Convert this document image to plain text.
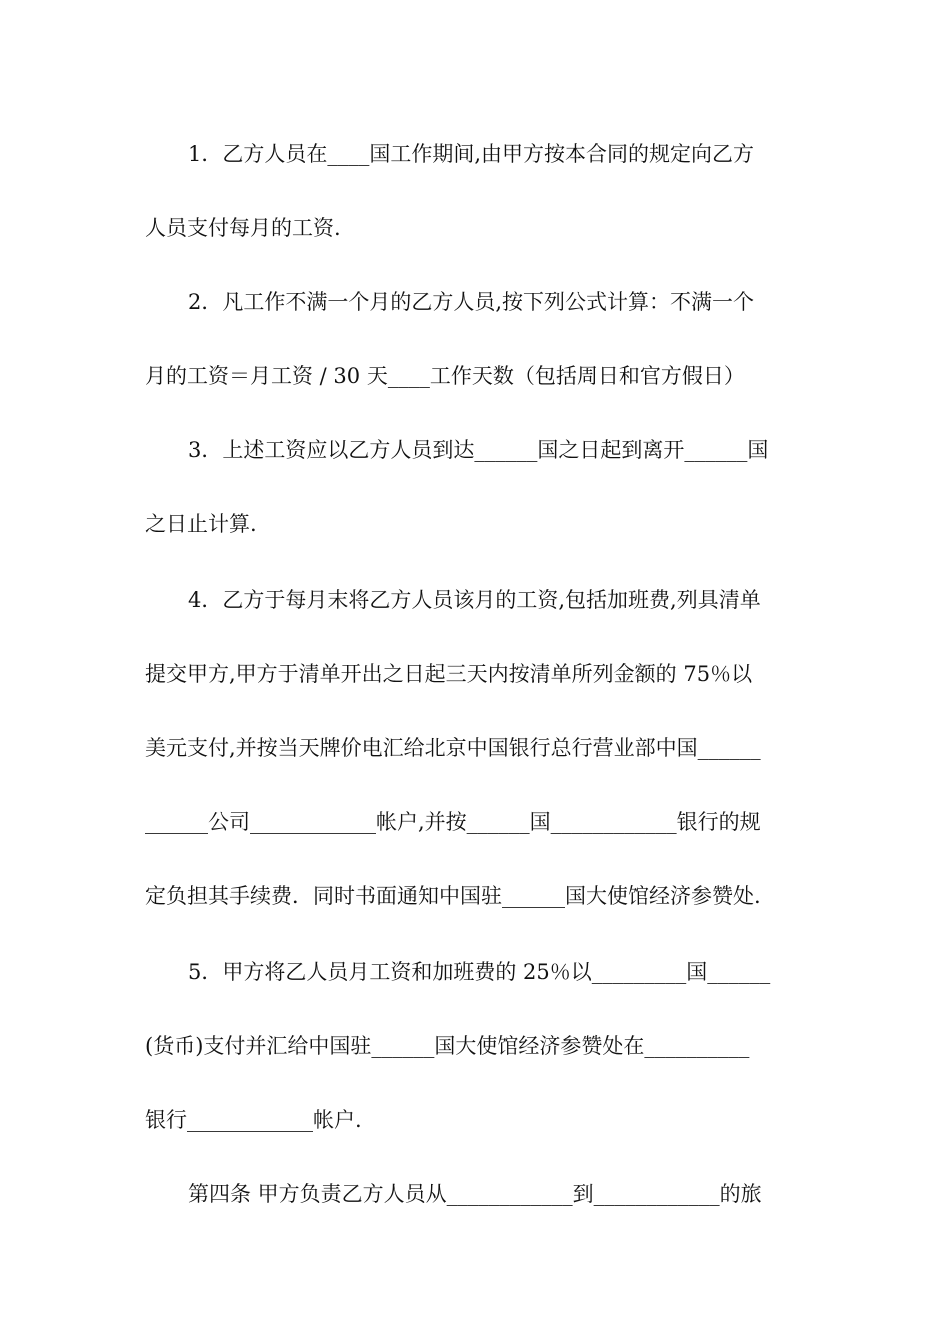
1．乙方人员在____国工作期间,由甲方按本合同的规定向乙方
人员支付每月的工资.
2．凡工作不满一个月的乙方人员,按下列公式计算：不满一个
月的工资＝月工资 / 30 天____工作天数（包括周日和官方假日）
3．上述工资应以乙方人员到达______国之日起到离开______国
之日止计算.
4．乙方于每月末将乙方人员该月的工资,包括加班费,列具清单
提交甲方,甲方于清单开出之日起三天内按清单所列金额的 75％以
美元支付,并按当天牌价电汇给北京中国银行总行营业部中国______
______公司____________帐户,并按______国____________银行的规
定负担其手续费．同时书面通知中国驻______国大使馆经济参赞处.
5．甲方将乙人员月工资和加班费的 25％以_________国______
(货币)支付并汇给中国驻______国大使馆经济参赞处在__________
银行____________帐户.
第四条 甲方负责乙方人员从____________到____________的旅
